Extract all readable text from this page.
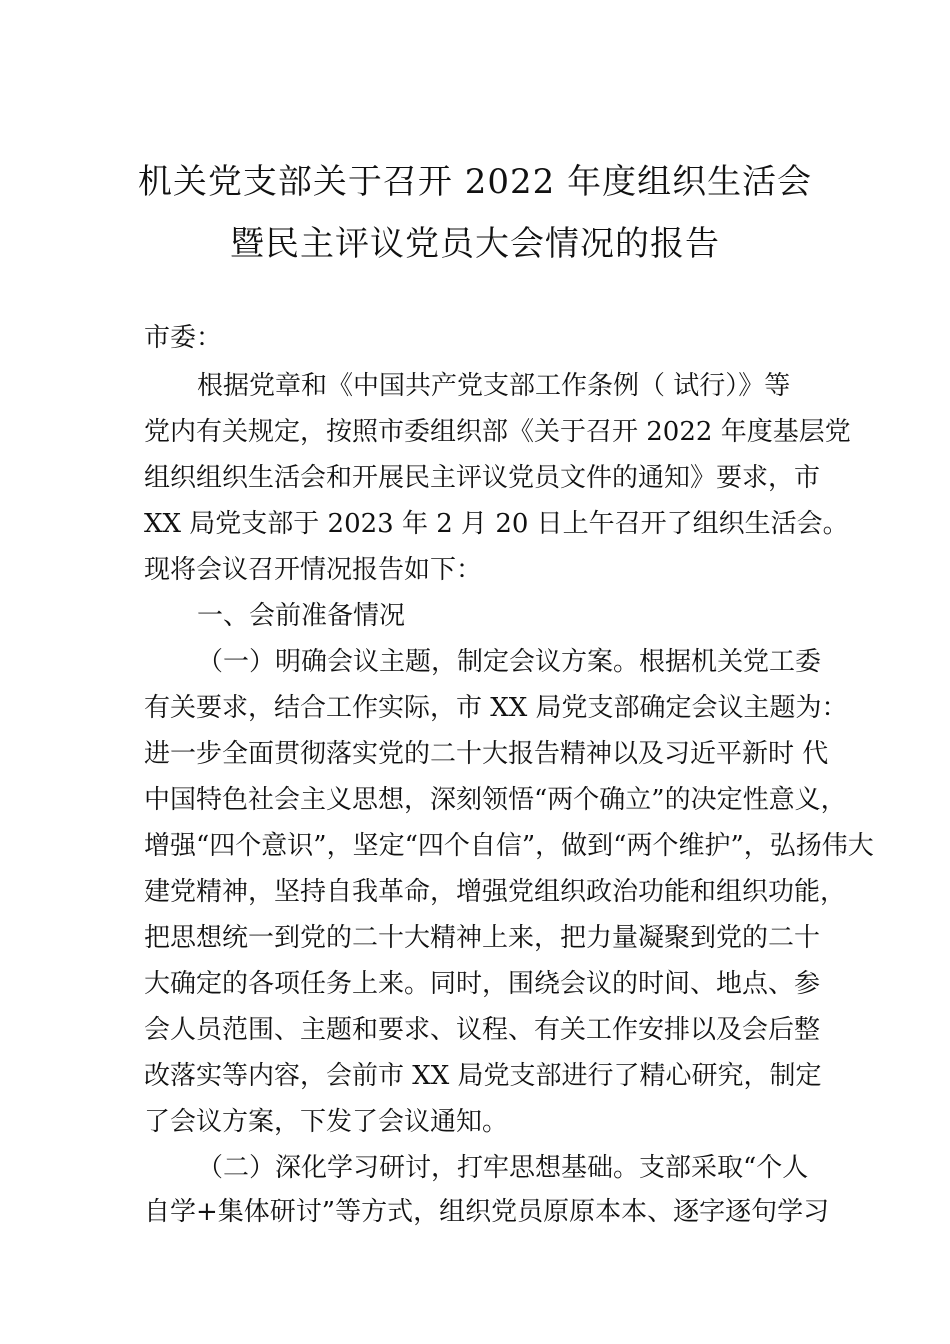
机关党支部关于召开 2022 年度组织生活会
暨民主评议党员大会情况的报告
市委：
根据党章和《中国共产党支部工作条例（ 试行）》等
党内有关规定，按照市委组织部《关于召开 2022 年度基层党
组织组织生活会和开展民主评议党员文件的通知》要求，市
XX 局党支部于 2023 年 2 月 20 日上午召开了组织生活会。
现将会议召开情况报告如下：
一、会前准备情况
（一）明确会议主题，制定会议方案。根据机关党工委
有关要求，结合工作实际，市 XX 局党支部确定会议主题为：
进一步全面贯彻落实党的二十大报告精神以及习近平新时 代
中国特色社会主义思想，深刻领悟“两个确立”的决定性意义，
增强“四个意识”，坚定“四个自信”，做到“两个维护”，弘扬伟大
建党精神，坚持自我革命，增强党组织政治功能和组织功能，
把思想统一到党的二十大精神上来，把力量凝聚到党的二十
大确定的各项任务上来。同时，围绕会议的时间、地点、参
会人员范围、主题和要求、议程、有关工作安排以及会后整
改落实等内容，会前市 XX 局党支部进行了精心研究，制定
了会议方案，下发了会议通知。
（二）深化学习研讨，打牢思想基础。支部采取“个人
自学+集体研讨”等方式，组织党员原原本本、逐字逐句学习
